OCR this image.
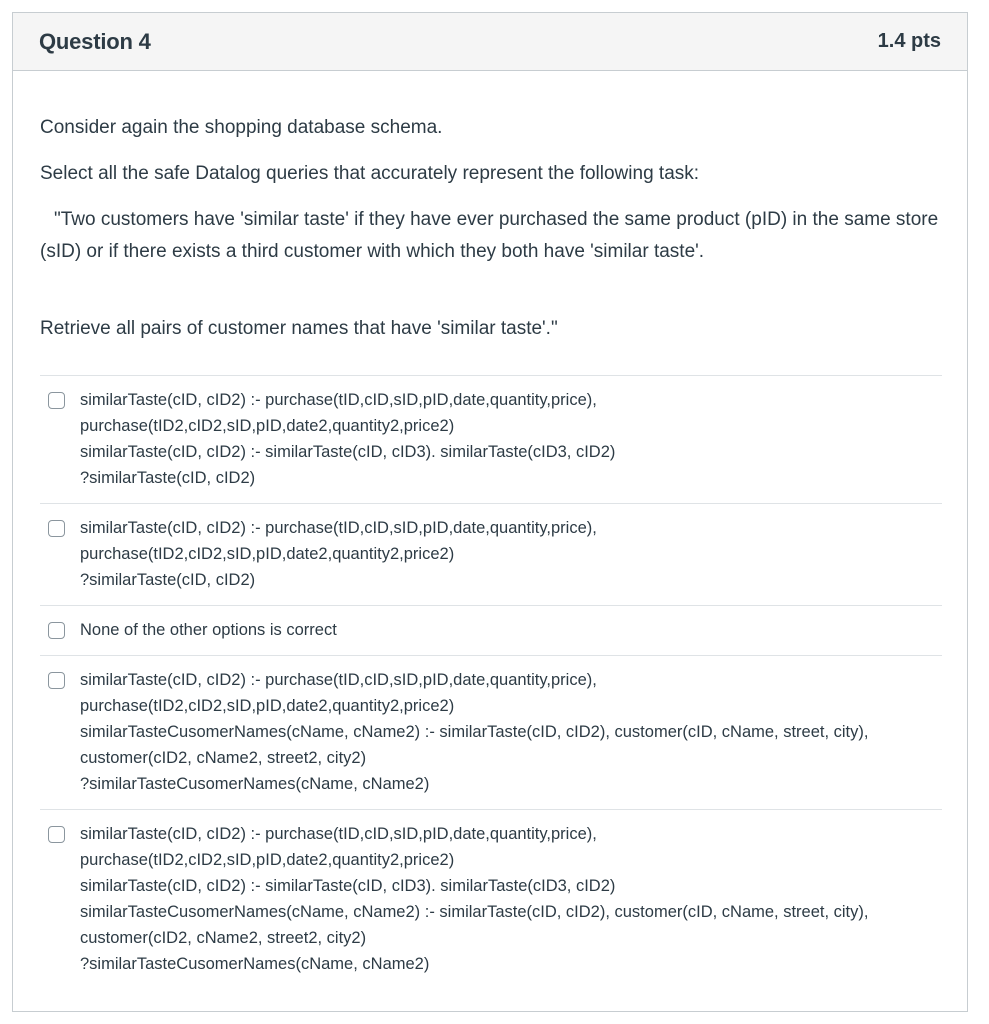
Question 4	1.4 pts
Consider again the shopping database schema.
Select all the safe Datalog queries that accurately represent the following task:
"Two customers have 'similar taste' if they have ever purchased the same product (pID) in the same store (sID) or if there exists a third customer with which they both have 'similar taste'.
Retrieve all pairs of customer names that have 'similar taste'."
similarTaste(cID, cID2) :- purchase(tID,cID,sID,pID,date,quantity,price),
purchase(tID2,cID2,sID,pID,date2,quantity2,price2)
similarTaste(cID, cID2) :- similarTaste(cID, cID3). similarTaste(cID3, cID2)
?similarTaste(cID, cID2)
similarTaste(cID, cID2) :- purchase(tID,cID,sID,pID,date,quantity,price),
purchase(tID2,cID2,sID,pID,date2,quantity2,price2)
?similarTaste(cID, cID2)
None of the other options is correct
similarTaste(cID, cID2) :- purchase(tID,cID,sID,pID,date,quantity,price),
purchase(tID2,cID2,sID,pID,date2,quantity2,price2)
similarTasteCusomerNames(cName, cName2) :- similarTaste(cID, cID2), customer(cID, cName, street, city),
customer(cID2, cName2, street2, city2)
?similarTasteCusomerNames(cName, cName2)
similarTaste(cID, cID2) :- purchase(tID,cID,sID,pID,date,quantity,price),
purchase(tID2,cID2,sID,pID,date2,quantity2,price2)
similarTaste(cID, cID2) :- similarTaste(cID, cID3). similarTaste(cID3, cID2)
similarTasteCusomerNames(cName, cName2) :- similarTaste(cID, cID2), customer(cID, cName, street, city),
customer(cID2, cName2, street2, city2)
?similarTasteCusomerNames(cName, cName2)
